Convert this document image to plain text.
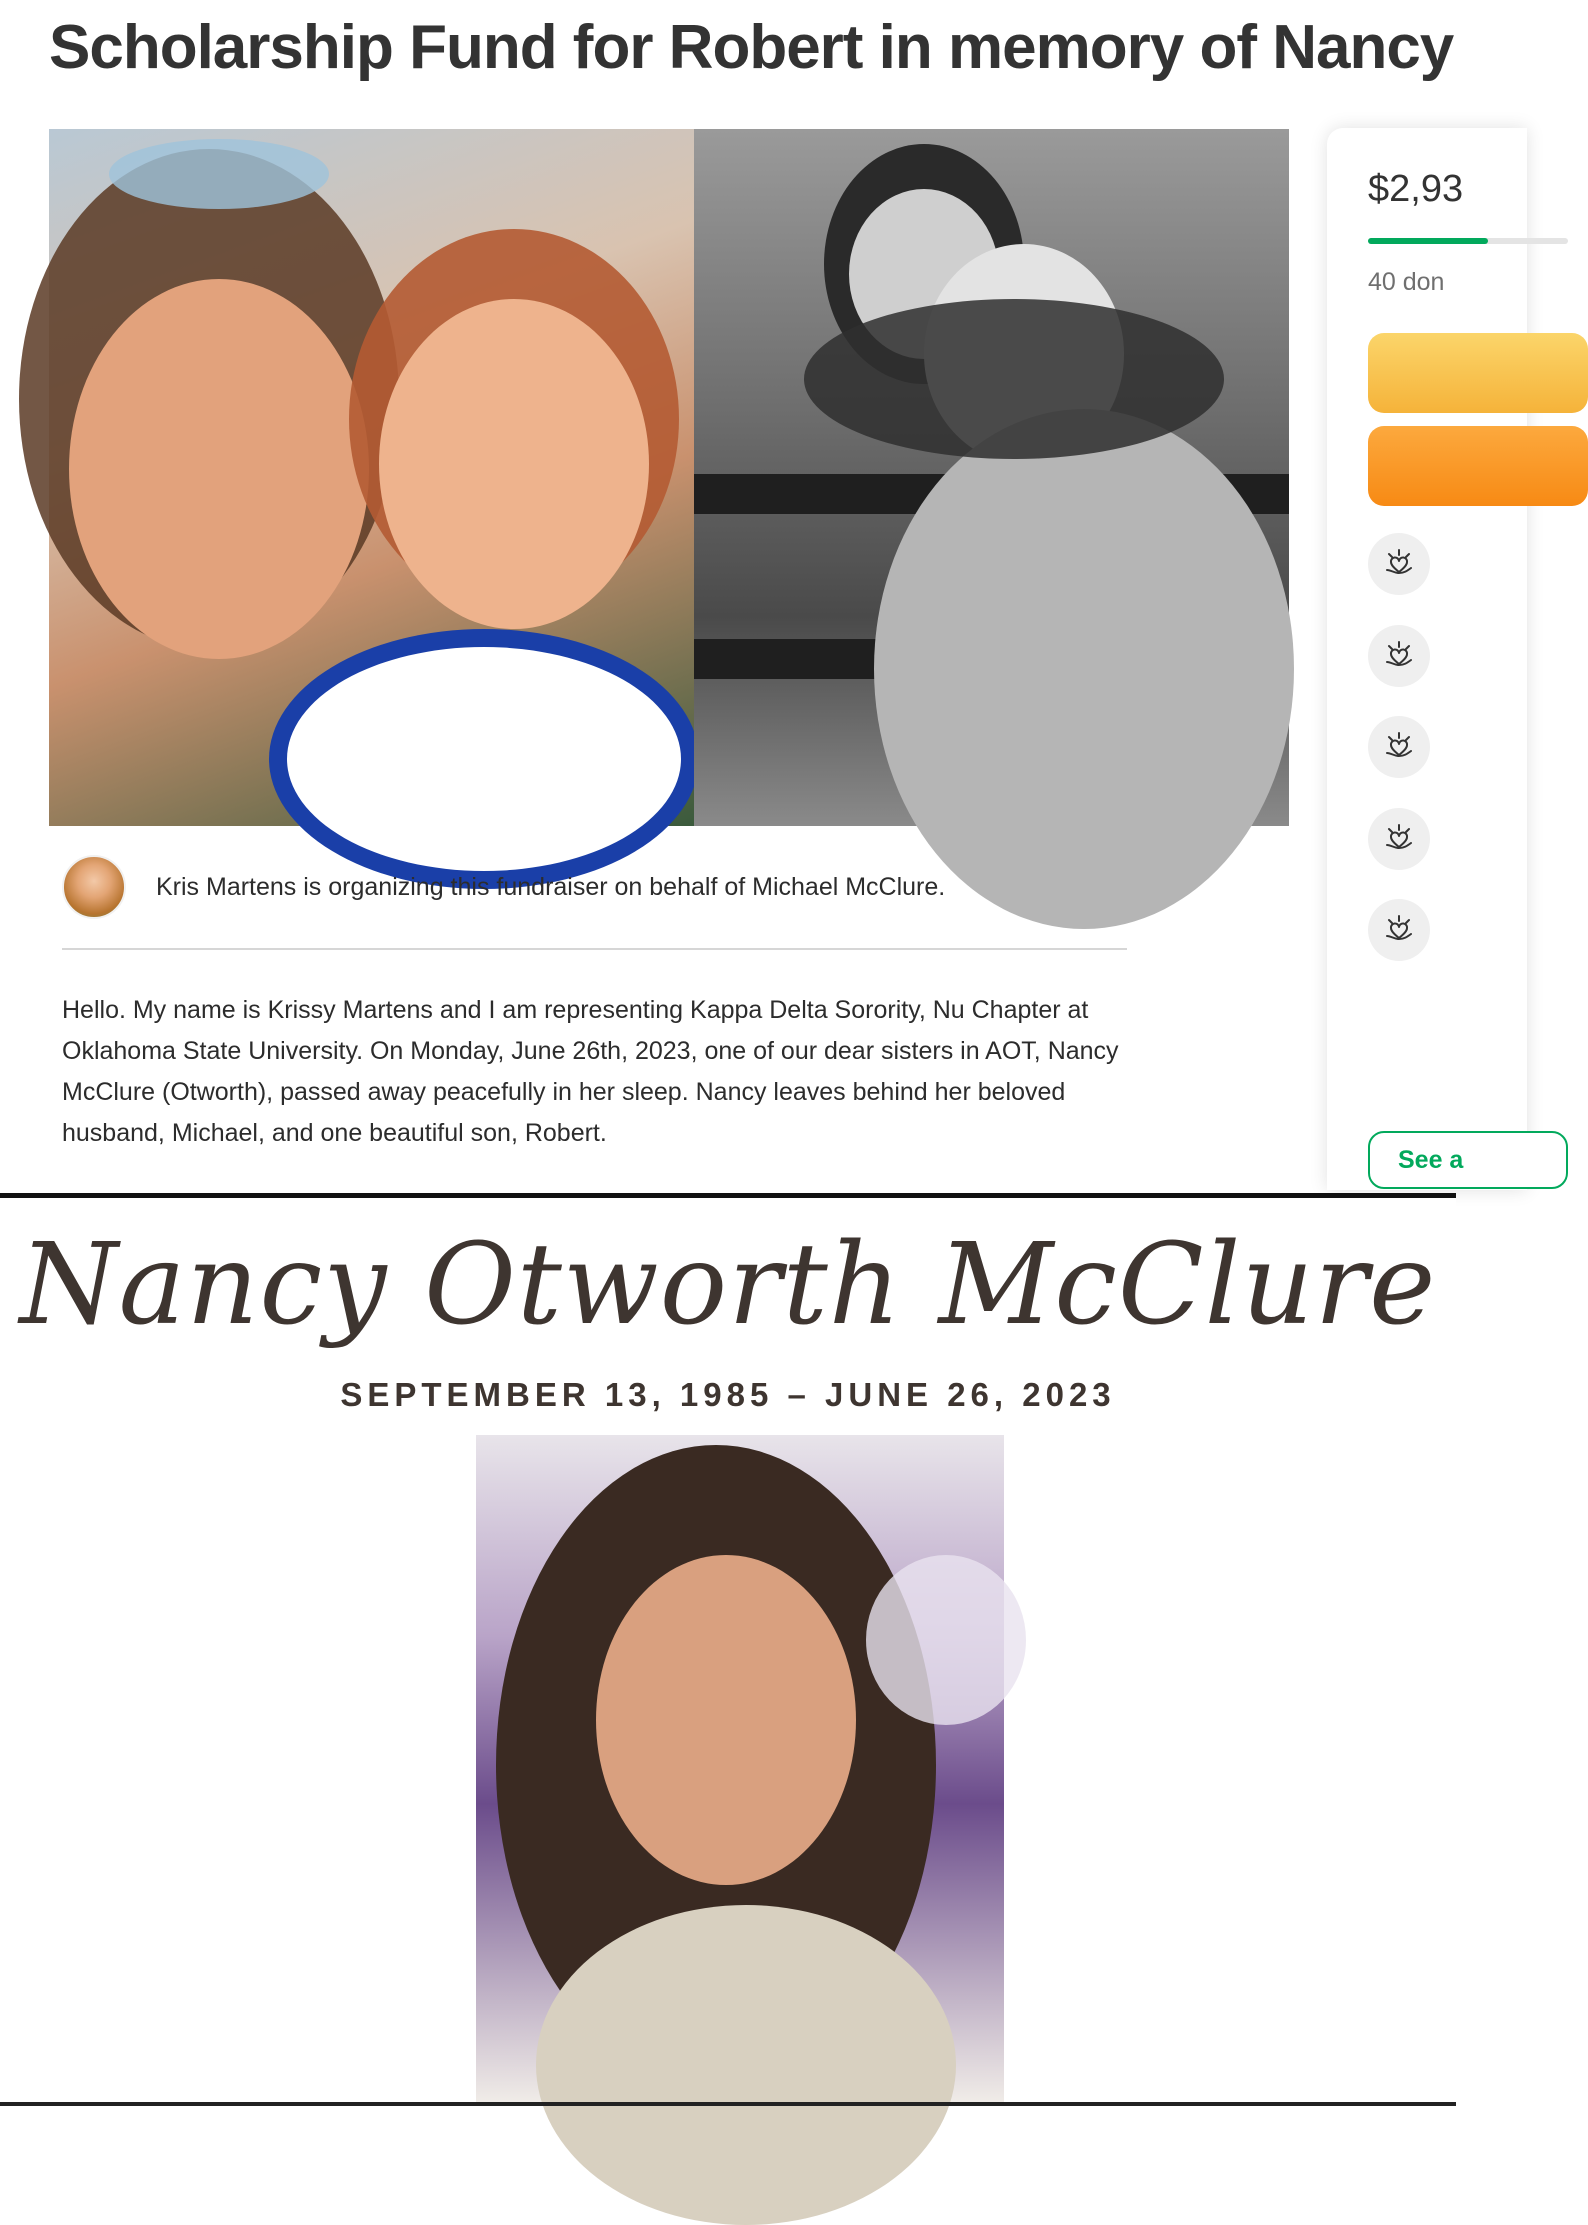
Scholarship Fund for Robert in memory of Nancy
Kris Martens is organizing this fundraiser on behalf of Michael McClure.

Hello. My name is Krissy Martens and I am representing Kappa Delta Sorority, Nu Chapter at Oklahoma State University. On Monday, June 26th, 2023, one of our dear sisters in AOT, Nancy McClure (Otworth), passed away peacefully in her sleep. Nancy leaves behind her beloved husband, Michael, and one beautiful son, Robert.

$2,93
40 don
See a
Nancy Otworth McClure
SEPTEMBER 13, 1985 – JUNE 26, 2023
